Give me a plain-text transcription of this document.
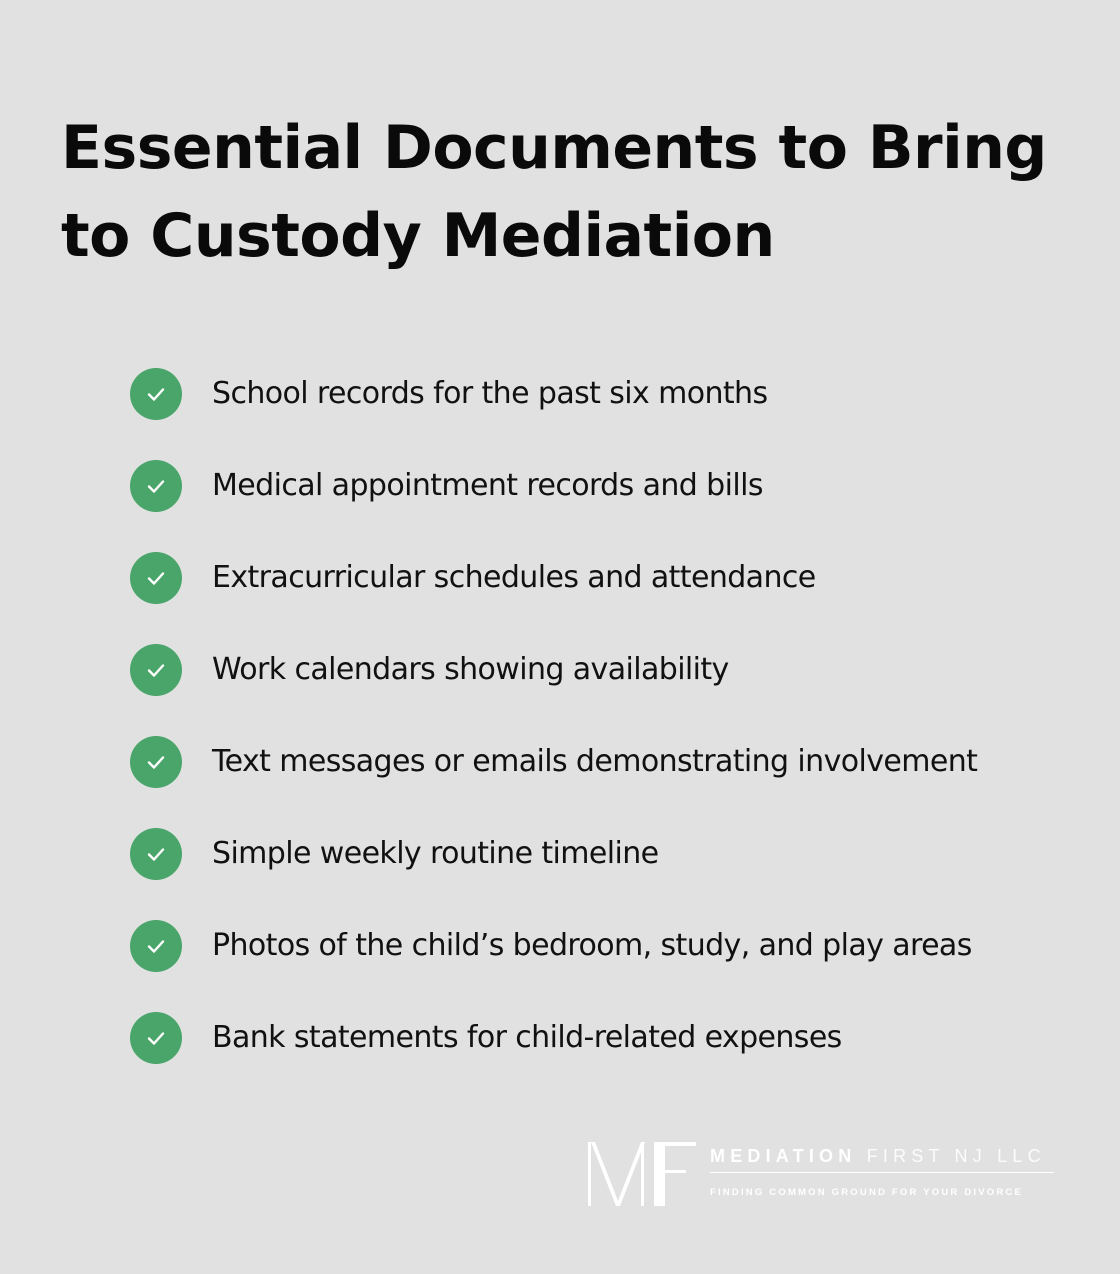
Essential Documents to Bring to Custody Mediation
School records for the past six months
Medical appointment records and bills
Extracurricular schedules and attendance
Work calendars showing availability
Text messages or emails demonstrating involvement
Simple weekly routine timeline
Photos of the child’s bedroom, study, and play areas
Bank statements for child-related expenses
MEDIATION FIRST NJ LLC
FINDING COMMON GROUND FOR YOUR DIVORCE
